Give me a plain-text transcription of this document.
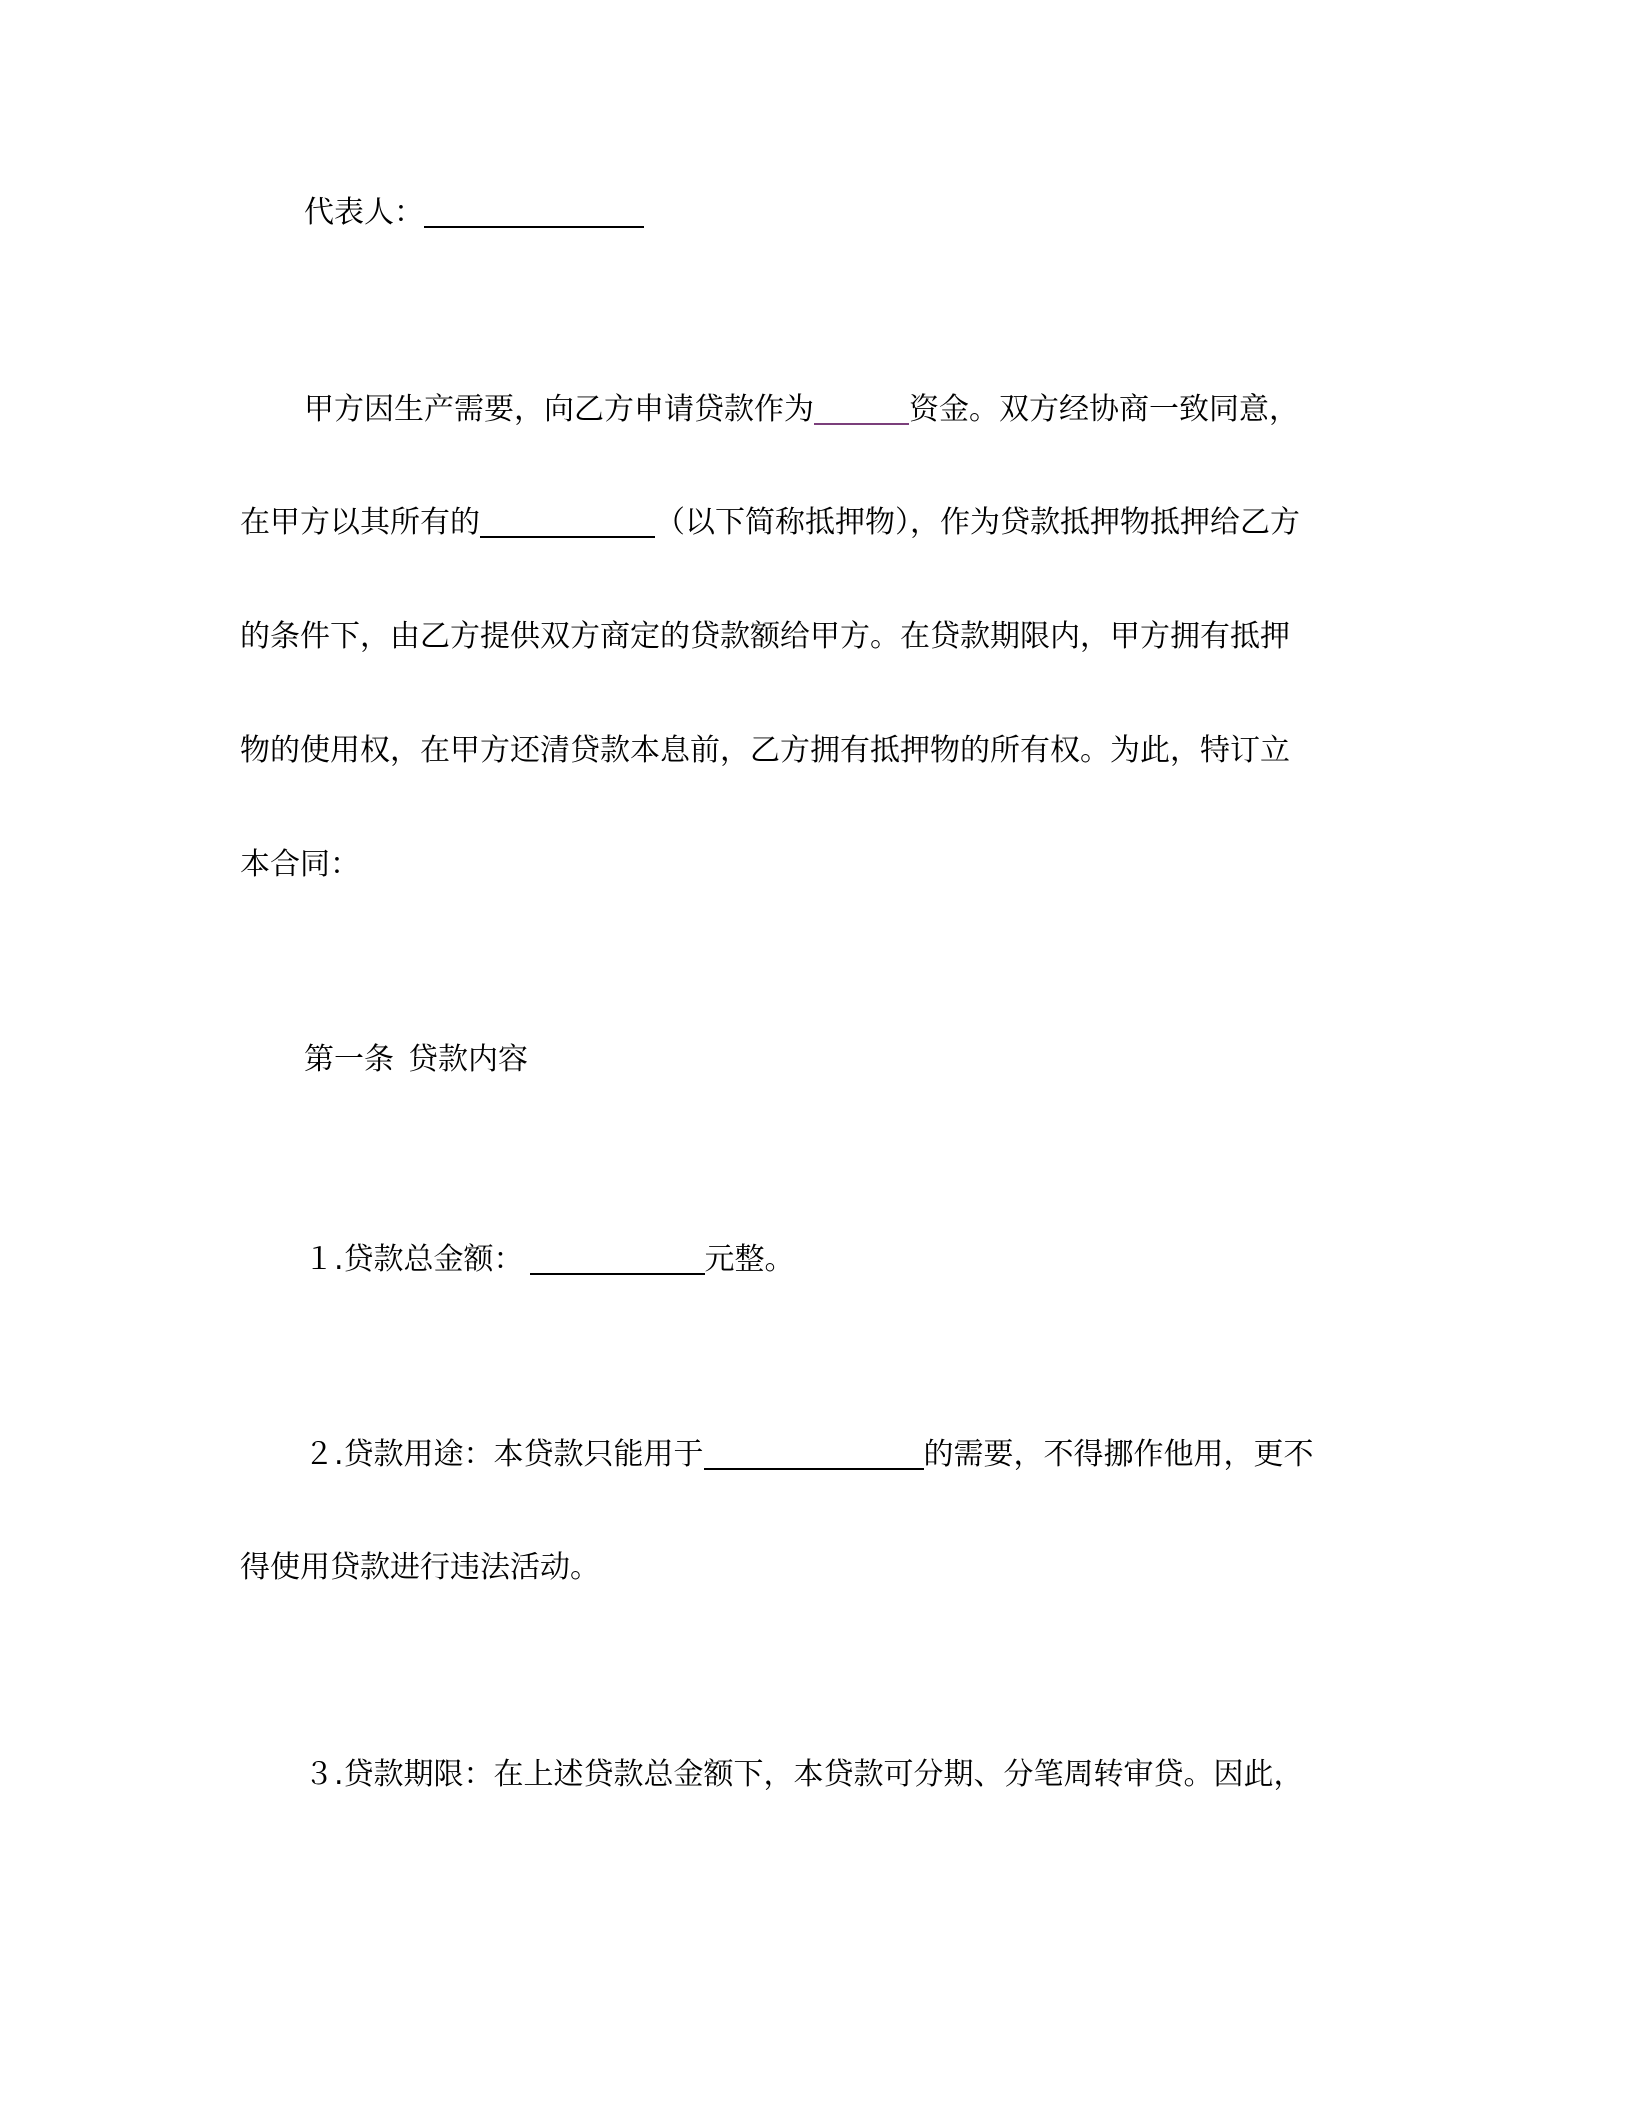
代表人：
甲方因生产需要，向乙方申请贷款作为	资金。双方经协商一致同意，
在甲方以其所有的	（以下简称抵押物），作为贷款抵押物抵押给乙方
的条件下，由乙方提供双方商定的贷款额给甲方。在贷款期限内，甲方拥有抵押
物的使用权，在甲方还清贷款本息前，乙方拥有抵押物的所有权。为此，特订立
本合同：
第一条 贷款内容
１.贷款总金额：	元整。
２.贷款用途：本贷款只能用于	的需要，不得挪作他用，更不
得使用贷款进行违法活动。
３.贷款期限：在上述贷款总金额下，本贷款可分期、分笔周转审贷。因此，
